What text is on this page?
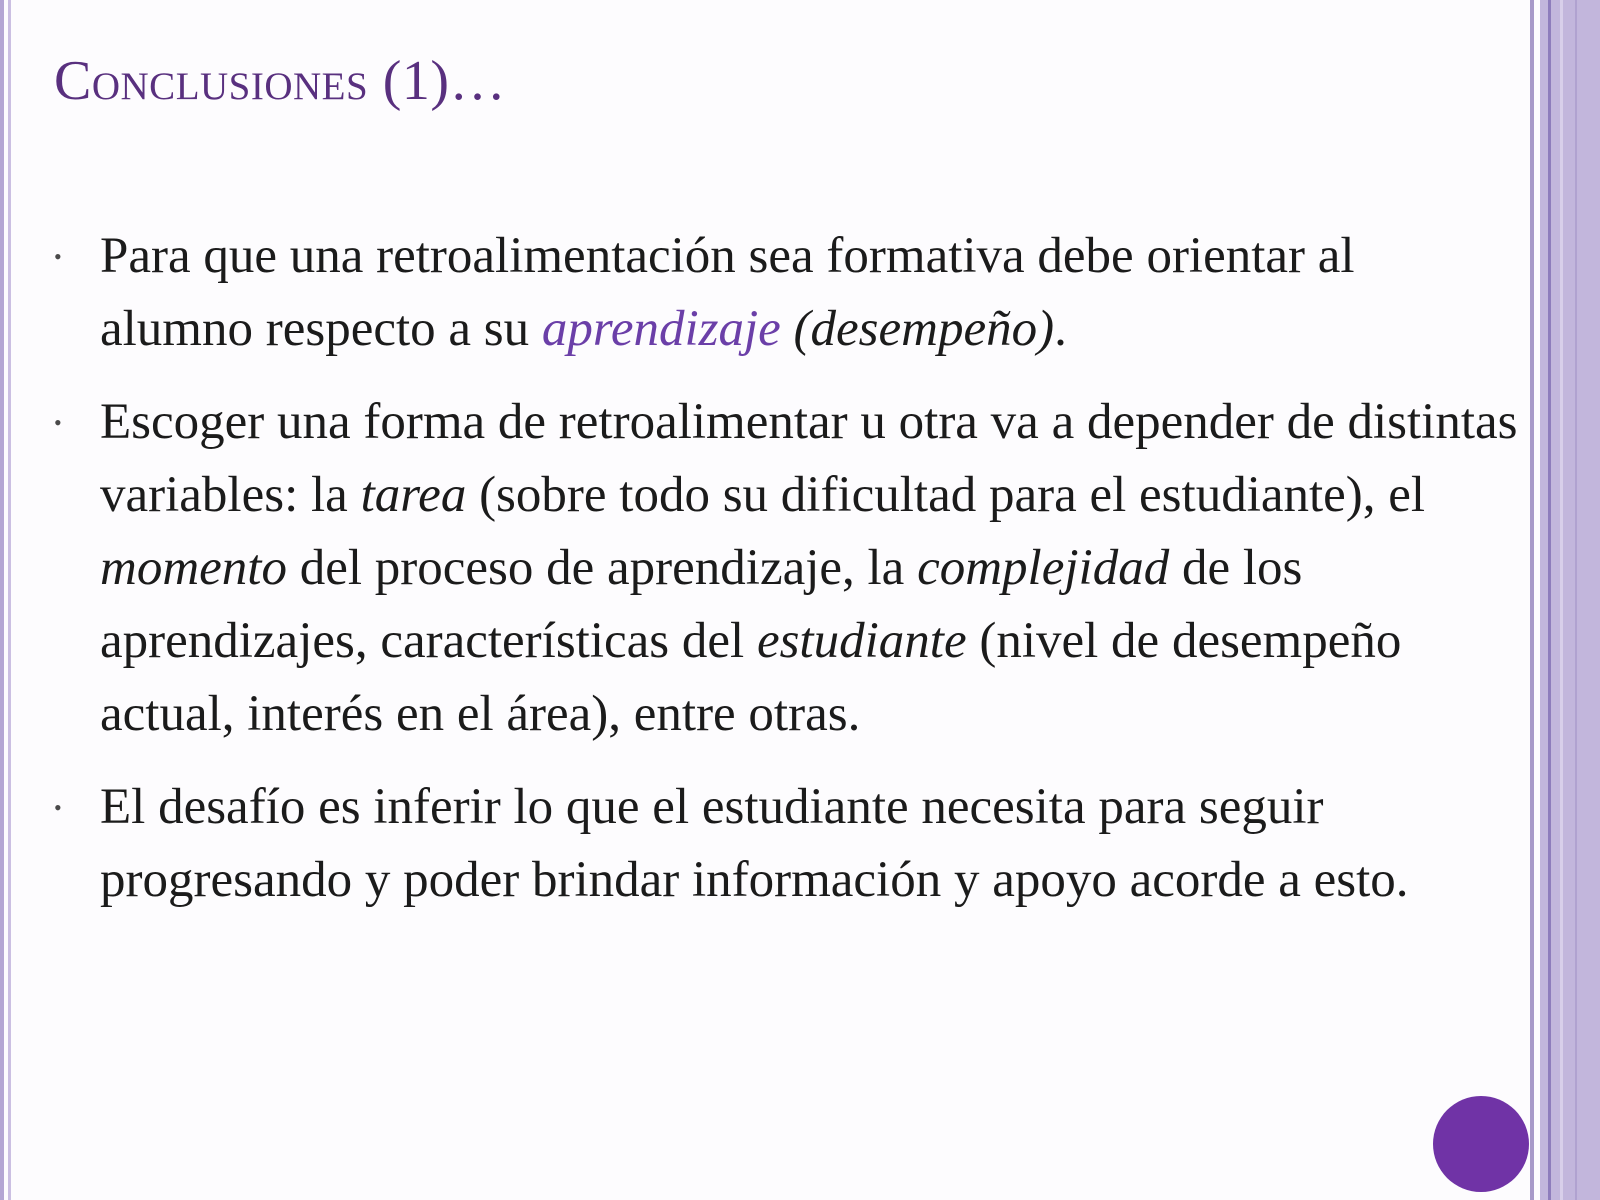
Conclusiones (1)…
• Para que una retroalimentación sea formativa debe orientar al alumno respecto a su aprendizaje (desempeño).
• Escoger una forma de retroalimentar u otra va a depender de distintas variables: la tarea (sobre todo su dificultad para el estudiante), el momento del proceso de aprendizaje, la complejidad de los aprendizajes, características del estudiante (nivel de desempeño actual, interés en el área), entre otras.
• El desafío es inferir lo que el estudiante necesita para seguir progresando y poder brindar información y apoyo acorde a esto.
